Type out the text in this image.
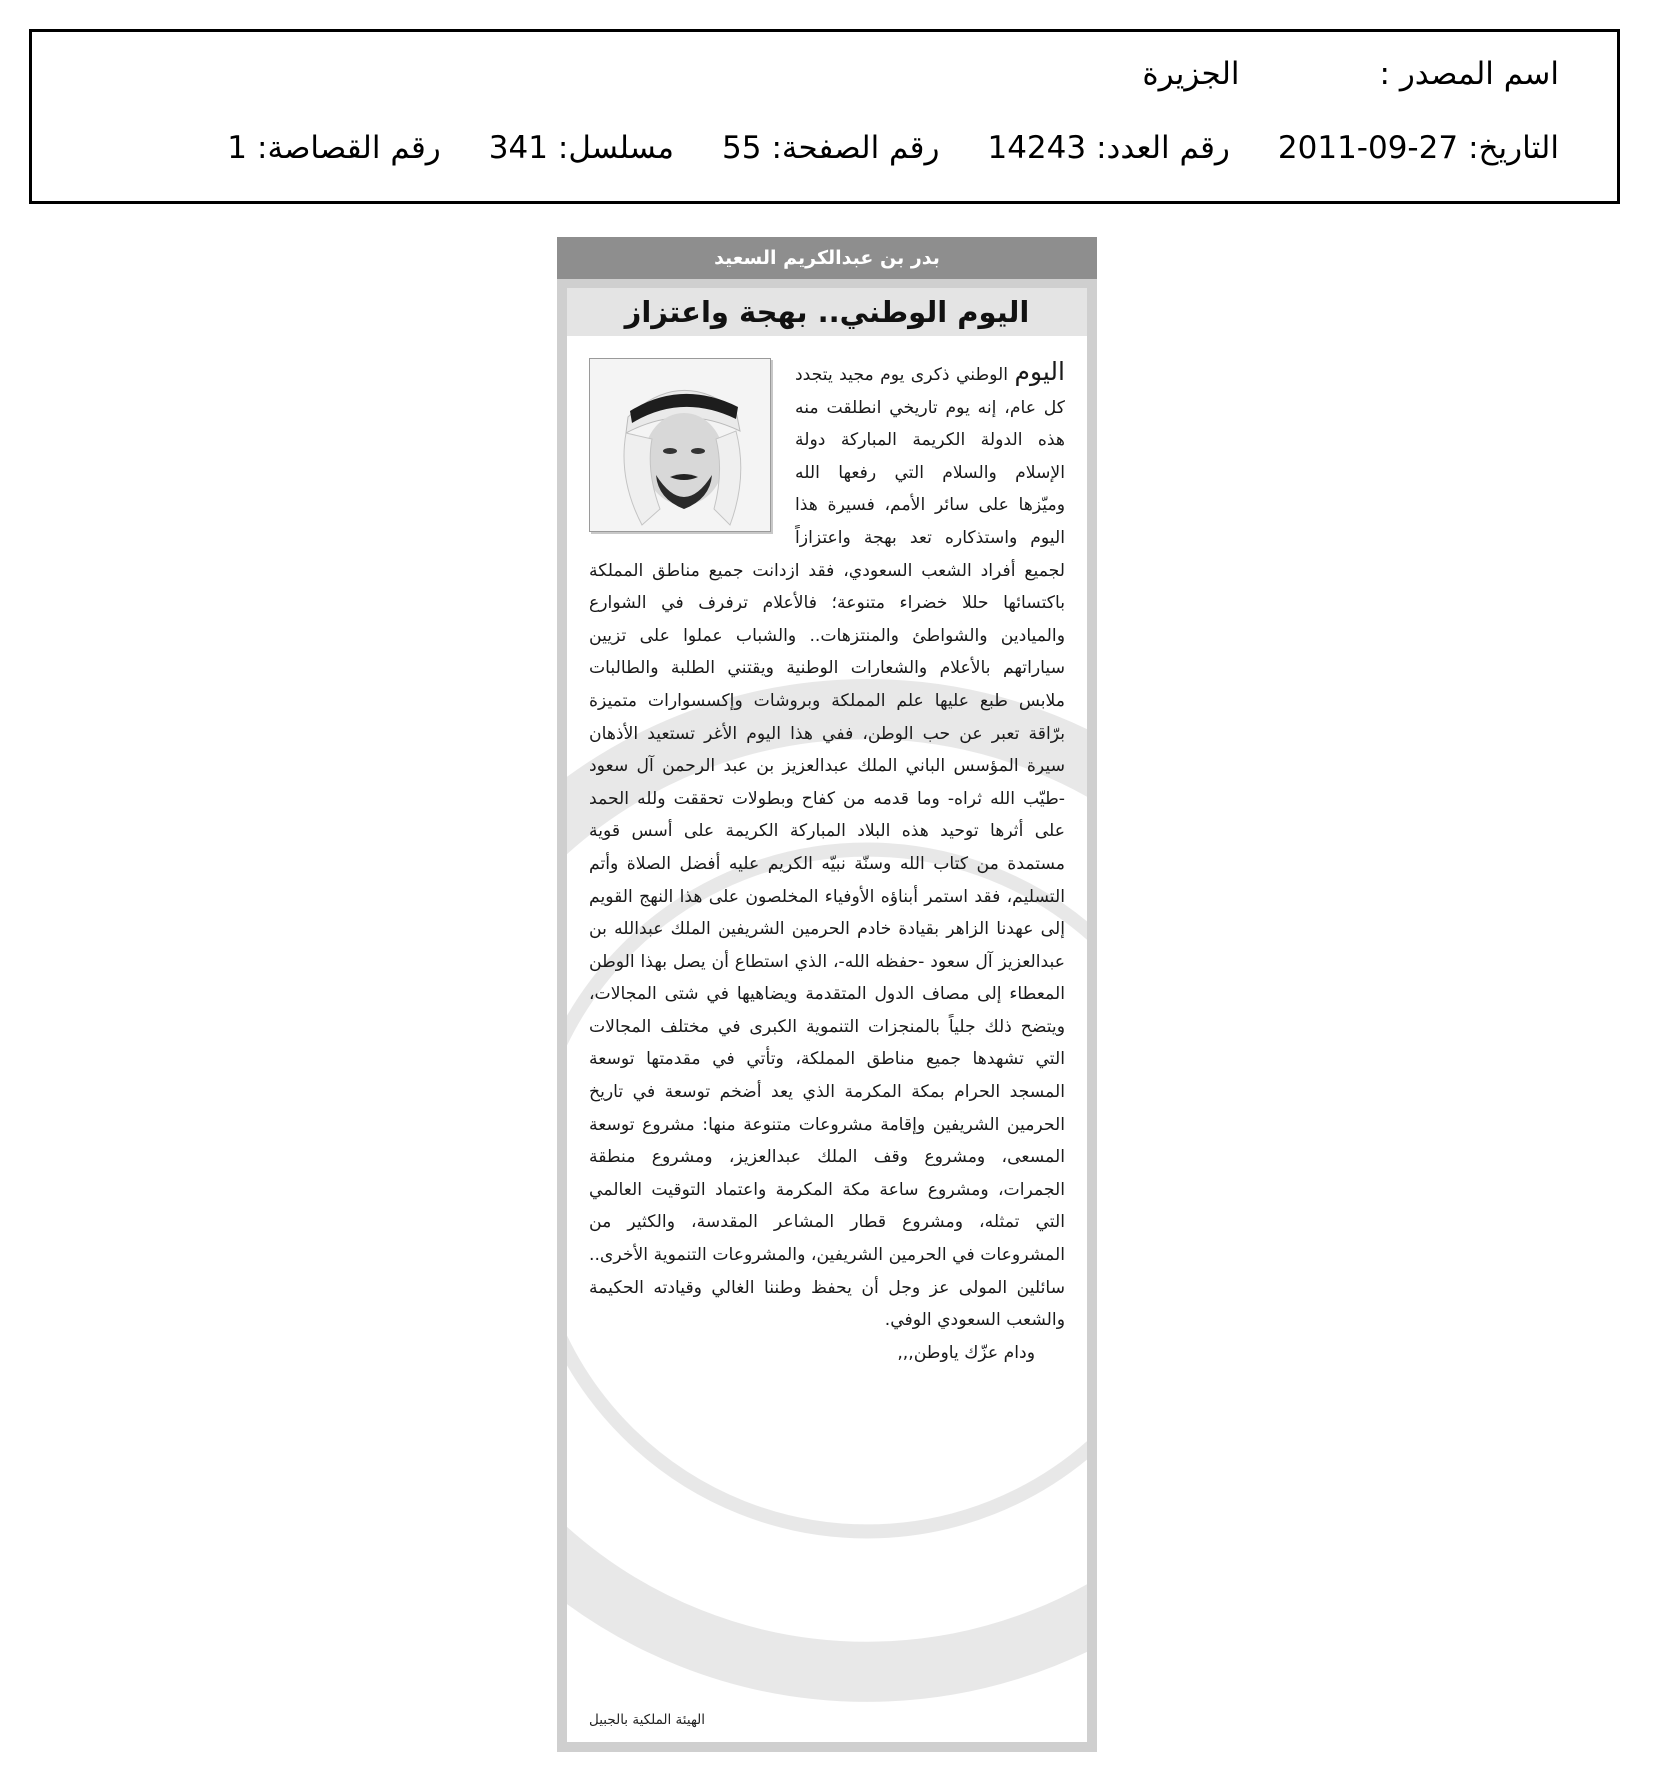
اسم المصدر :
الجزيرة
التاريخ:
2011-09-27
رقم العدد:
14243
رقم الصفحة:
55
مسلسل:
341
رقم القصاصة:
1
بدر بن عبدالكريم السعيد
اليوم الوطني.. بهجة واعتزاز
اليوم الوطني ذكرى يوم مجيد يتجدد كل عام، إنه يوم تاريخي انطلقت منه هذه الدولة الكريمة المباركة دولة الإسلام والسلام التي رفعها الله وميّزها على سائر الأمم، فسيرة هذا اليوم واستذكاره تعد بهجة واعتزازاً لجميع أفراد الشعب السعودي، فقد ازدانت جميع مناطق المملكة باكتسائها حللا خضراء متنوعة؛ فالأعلام ترفرف في الشوارع والميادين والشواطئ والمنتزهات.. والشباب عملوا على تزيين سياراتهم بالأعلام والشعارات الوطنية ويقتني الطلبة والطالبات ملابس طبع عليها علم المملكة وبروشات وإكسسوارات متميزة برّاقة تعبر عن حب الوطن، ففي هذا اليوم الأغر تستعيد الأذهان سيرة المؤسس الباني الملك عبدالعزيز بن عبد الرحمن آل سعود -طيّب الله ثراه- وما قدمه من كفاح وبطولات تحققت ولله الحمد على أثرها توحيد هذه البلاد المباركة الكريمة على أسس قوية مستمدة من كتاب الله وسنّة نبيّه الكريم عليه أفضل الصلاة وأتم التسليم، فقد استمر أبناؤه الأوفياء المخلصون على هذا النهج القويم إلى عهدنا الزاهر بقيادة خادم الحرمين الشريفين الملك عبدالله بن عبدالعزيز آل سعود -حفظه الله-، الذي استطاع أن يصل بهذا الوطن المعطاء إلى مصاف الدول المتقدمة ويضاهيها في شتى المجالات، ويتضح ذلك جلياً بالمنجزات التنموية الكبرى في مختلف المجالات التي تشهدها جميع مناطق المملكة، وتأتي في مقدمتها توسعة المسجد الحرام بمكة المكرمة الذي يعد أضخم توسعة في تاريخ الحرمين الشريفين وإقامة مشروعات متنوعة منها: مشروع توسعة المسعى، ومشروع وقف الملك عبدالعزيز، ومشروع منطقة الجمرات، ومشروع ساعة مكة المكرمة واعتماد التوقيت العالمي التي تمثله، ومشروع قطار المشاعر المقدسة، والكثير من المشروعات في الحرمين الشريفين، والمشروعات التنموية الأخرى.. سائلين المولى عز وجل أن يحفظ وطننا الغالي وقيادته الحكيمة والشعب السعودي الوفي.
ودام عزّك ياوطن,,,
الهيئة الملكية بالجبيل
